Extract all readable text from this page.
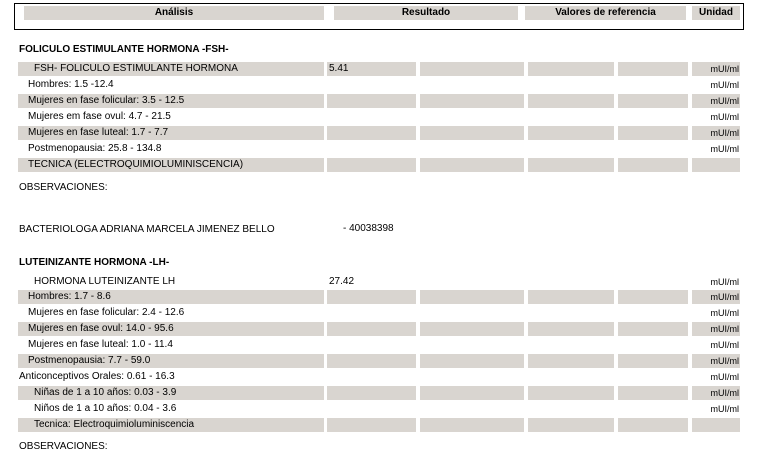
Análisis	Resultado	Valores de referencia	Unidad
FOLICULO ESTIMULANTE HORMONA -FSH-
FSH- FOLICULO ESTIMULANTE HORMONA	5.41	mUI/ml
Hombres: 1.5 -12.4	mUI/ml
Mujeres en fase folicular: 3.5 - 12.5	mUI/ml
Mujeres em fase ovul: 4.7 - 21.5	mUI/ml
Mujeres en fase luteal: 1.7 - 7.7	mUI/ml
Postmenopausia: 25.8 - 134.8	mUI/ml
TECNICA (ELECTROQUIMIOLUMINISCENCIA)
OBSERVACIONES:
BACTERIOLOGA ADRIANA MARCELA JIMENEZ BELLO	- 40038398
LUTEINIZANTE HORMONA -LH-
HORMONA LUTEINIZANTE LH	27.42	mUI/ml
Hombres: 1.7 - 8.6	mUI/ml
Mujeres en fase folicular: 2.4 - 12.6	mUI/ml
Mujeres en fase ovul: 14.0 - 95.6	mUI/ml
Mujeres en fase luteal: 1.0 - 11.4	mUI/ml
Postmenopausia: 7.7 - 59.0	mUI/ml
Anticonceptivos Orales: 0.61 - 16.3	mUI/ml
Niñas de 1 a 10 años: 0.03 - 3.9	mUI/ml
Niños de 1 a 10 años: 0.04 - 3.6	mUI/ml
Tecnica: Electroquimioluminiscencia
OBSERVACIONES:
